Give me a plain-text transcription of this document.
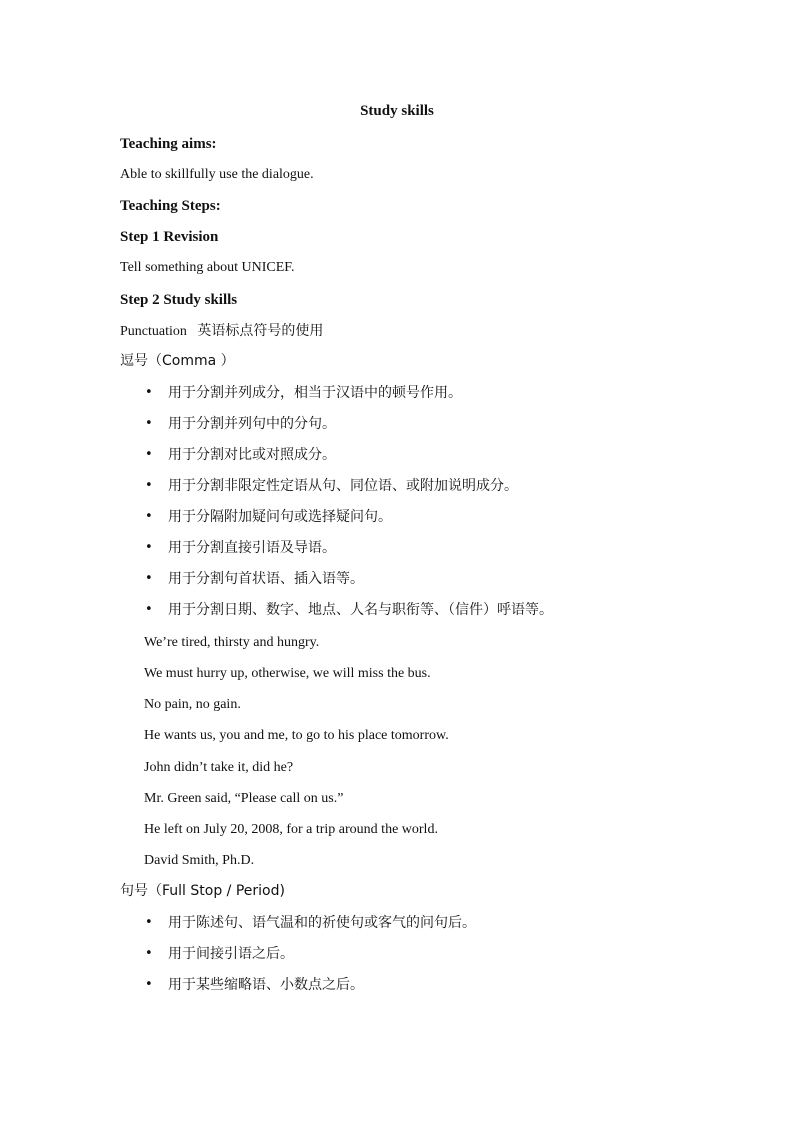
Study skills
Teaching aims:
Able to skillfully use the dialogue.
Teaching Steps:
Step 1 Revision
Tell something about UNICEF.
Step 2 Study skills
Punctuation 英语标点符号的使用
逗号（Comma ）
• 用于分割并列成分，相当于汉语中的顿号作用。
• 用于分割并列句中的分句。
• 用于分割对比或对照成分。
• 用于分割非限定性定语从句、同位语、或附加说明成分。
• 用于分隔附加疑问句或选择疑问句。
• 用于分割直接引语及导语。
• 用于分割句首状语、插入语等。
• 用于分割日期、数字、地点、人名与职衔等、（信件）呼语等。
We’re tired, thirsty and hungry.
We must hurry up, otherwise, we will miss the bus.
No pain, no gain.
He wants us, you and me, to go to his place tomorrow.
John didn’t take it, did he?
Mr. Green said, “Please call on us.”
He left on July 20, 2008, for a trip around the world.
David Smith, Ph.D.
句号（Full Stop / Period)
• 用于陈述句、语气温和的祈使句或客气的问句后。
• 用于间接引语之后。
• 用于某些缩略语、小数点之后。
